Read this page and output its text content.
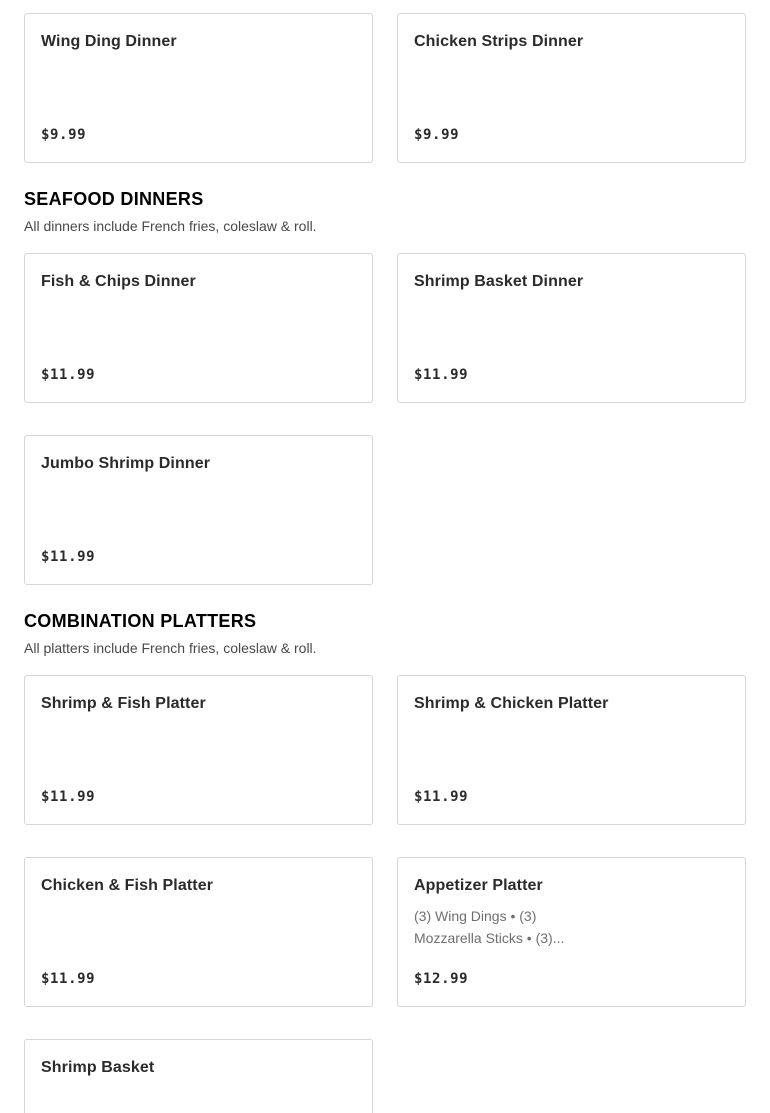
Wing Ding Dinner
$9.99
Chicken Strips Dinner
$9.99
SEAFOOD DINNERS
All dinners include French fries, coleslaw & roll.
Fish & Chips Dinner
$11.99
Shrimp Basket Dinner
$11.99
Jumbo Shrimp Dinner
$11.99
COMBINATION PLATTERS
All platters include French fries, coleslaw & roll.
Shrimp & Fish Platter
$11.99
Shrimp & Chicken Platter
$11.99
Chicken & Fish Platter
$11.99
Appetizer Platter
(3) Wing Dings • (3) Mozzarella Sticks • (3)...
$12.99
Shrimp Basket
